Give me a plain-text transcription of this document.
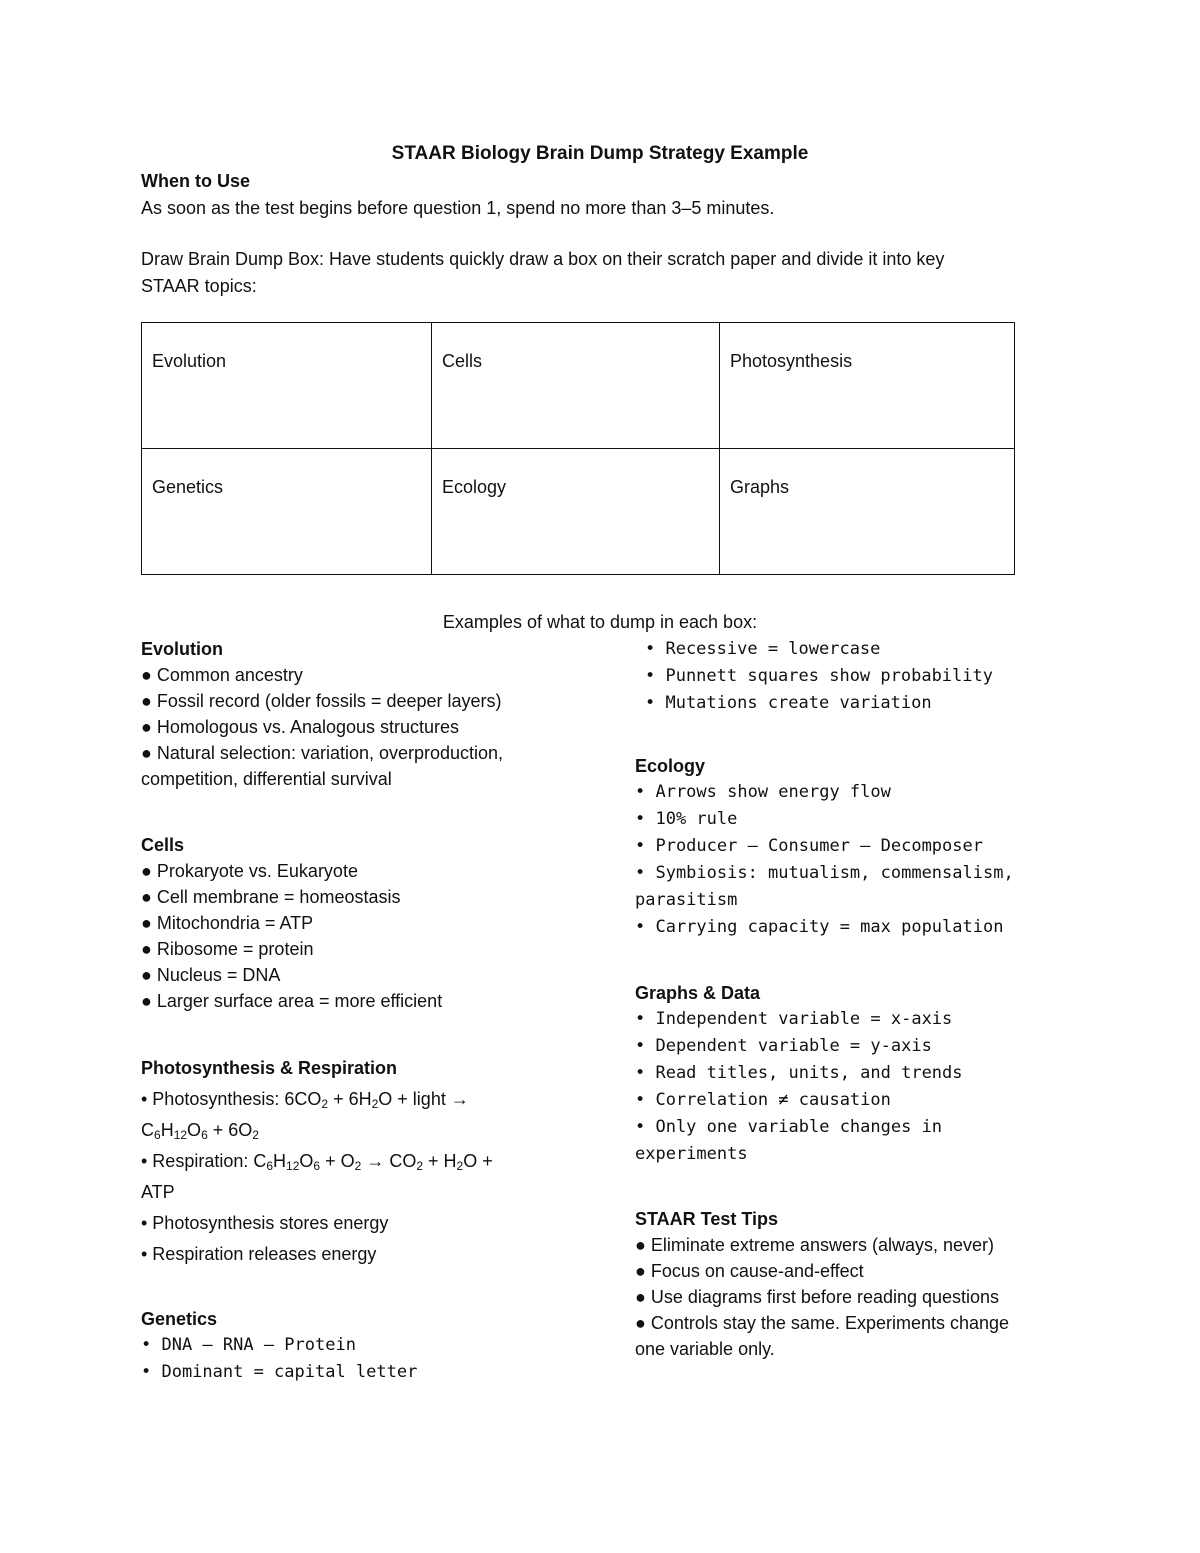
STAAR Biology Brain Dump Strategy Example
When to Use
As soon as the test begins before question 1, spend no more than 3–5 minutes.
Draw Brain Dump Box: Have students quickly draw a box on their scratch paper and divide it into key
STAAR topics:
Evolution	Cells	Photosynthesis
Genetics	Ecology	Graphs
Examples of what to dump in each box:
Evolution
● Common ancestry
● Fossil record (older fossils = deeper layers)
● Homologous vs. Analogous structures
● Natural selection: variation, overproduction,
competition, differential survival
Cells
● Prokaryote vs. Eukaryote
● Cell membrane = homeostasis
● Mitochondria = ATP
● Ribosome = protein
● Nucleus = DNA
● Larger surface area = more efficient
Photosynthesis & Respiration
• Photosynthesis: $6CO_2 + 6H_2O$ + light →
$C_6H_{12}O_6 + 6O_2$
• Respiration: $C_6H_{12}O_6 + O_2 \to CO_2 + H_2O$ +
ATP
• Photosynthesis stores energy
• Respiration releases energy
Genetics
• DNA – RNA – Protein
• Dominant = capital letter
• Recessive = lowercase
• Punnett squares show probability
• Mutations create variation
Ecology
• Arrows show energy flow
• 10% rule
• Producer – Consumer – Decomposer
• Symbiosis: mutualism, commensalism,
parasitism
• Carrying capacity = max population
Graphs & Data
• Independent variable = x-axis
• Dependent variable = y-axis
• Read titles, units, and trends
• Correlation ≠ causation
• Only one variable changes in
experiments
STAAR Test Tips
● Eliminate extreme answers (always, never)
● Focus on cause-and-effect
● Use diagrams first before reading questions
● Controls stay the same. Experiments change
one variable only.
